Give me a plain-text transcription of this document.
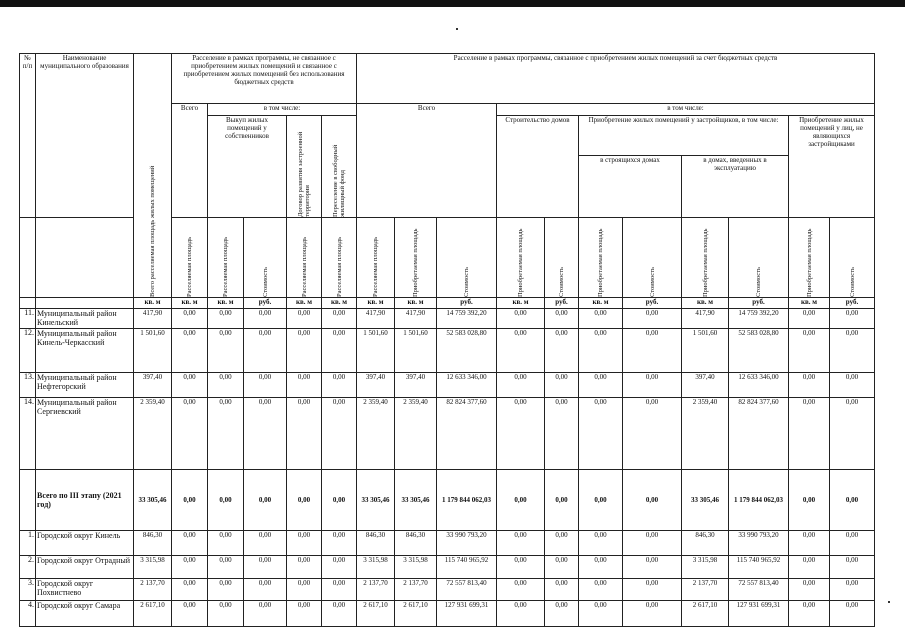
№ п/п	Наименование муниципального образования	Всего расселяемая площадь жилых помещений	Расселение в рамках программы, не связанное с приобретением жилых помещений и связанное с приобретением жилых помещений без использования бюджетных средств					Расселение в рамках программы, связанное с приобретением жилых помещений за счет бюджетных средств										
			Всего	в том числе:				Всего			в том числе:							
				Выкуп жилых помещений у собственников		Договор развития застроенной территории	Переселение в свободный жилищный фонд				Строительство домов		Приобретение жилых помещений у застройщиков, в том числе:				Приобретение жилых помещений у лиц, не являющихся застройщиками	
													в строящихся домах		в домах, введенных в эксплуатацию			

			Расселяемая площадь	Расселяемая площадь	Стоимость	Расселяемая площадь	Расселяемая площадь	Расселяемая площадь	Приобретаемая площадь	Стоимость	Приобретаемая площадь	Стоимость	Приобретаемая площадь	Стоимость	Приобретаемая площадь	Стоимость	Приобретаемая площадь	Стоимость

		кв. м	кв. м	кв. м	руб.	кв. м	кв. м	кв. м	кв. м	руб.	кв. м	руб.	кв. м	руб.	кв. м	руб.	кв. м	руб.
11.	Муниципальный район Кинельский	417,90	0,00	0,00	0,00	0,00	0,00	417,90	417,90	14 759 392,20	0,00	0,00	0,00	0,00	417,90	14 759 392,20	0,00	0,00
12.	Муниципальный район Кинель-Черкасский	1 501,60	0,00	0,00	0,00	0,00	0,00	1 501,60	1 501,60	52 583 028,80	0,00	0,00	0,00	0,00	1 501,60	52 583 028,80	0,00	0,00
13.	Муниципальный район Нефтегорский	397,40	0,00	0,00	0,00	0,00	0,00	397,40	397,40	12 633 346,00	0,00	0,00	0,00	0,00	397,40	12 633 346,00	0,00	0,00
14.	Муниципальный район Сергиевский	2 359,40	0,00	0,00	0,00	0,00	0,00	2 359,40	2 359,40	82 824 377,60	0,00	0,00	0,00	0,00	2 359,40	82 824 377,60	0,00	0,00
	Всего по III этапу (2021 год)	33 305,46	0,00	0,00	0,00	0,00	0,00	33 305,46	33 305,46	1 179 844 062,03	0,00	0,00	0,00	0,00	33 305,46	1 179 844 062,03	0,00	0,00
1.	Городской округ Кинель	846,30	0,00	0,00	0,00	0,00	0,00	846,30	846,30	33 990 793,20	0,00	0,00	0,00	0,00	846,30	33 990 793,20	0,00	0,00
2.	Городской округ Отрадный	3 315,98	0,00	0,00	0,00	0,00	0,00	3 315,98	3 315,98	115 740 965,92	0,00	0,00	0,00	0,00	3 315,98	115 740 965,92	0,00	0,00
3.	Городской округ Похвистнево	2 137,70	0,00	0,00	0,00	0,00	0,00	2 137,70	2 137,70	72 557 813,40	0,00	0,00	0,00	0,00	2 137,70	72 557 813,40	0,00	0,00
4.	Городской округ Самара	2 617,10	0,00	0,00	0,00	0,00	0,00	2 617,10	2 617,10	127 931 699,31	0,00	0,00	0,00	0,00	2 617,10	127 931 699,31	0,00	0,00
